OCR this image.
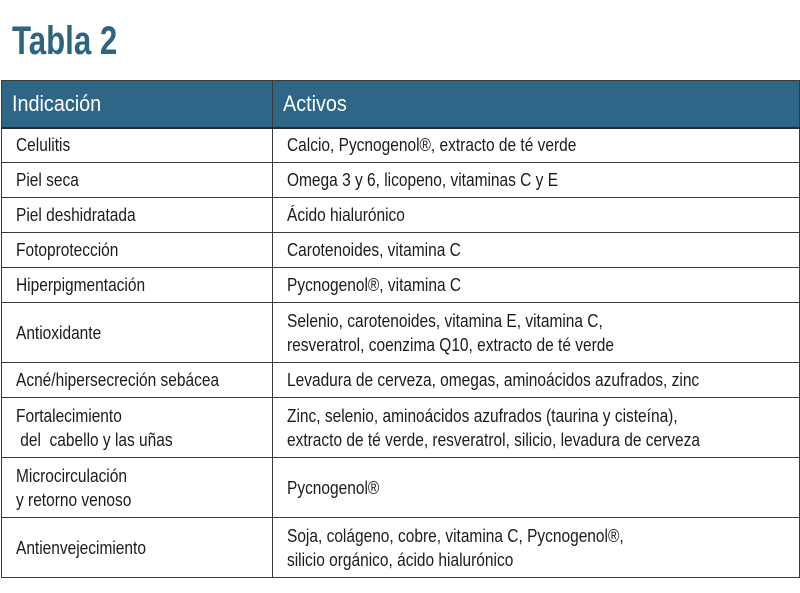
Tabla 2
Indicación	Activos
Celulitis	Calcio, Pycnogenol®, extracto de té verde
Piel seca	Omega 3 y 6, licopeno, vitaminas C y E
Piel deshidratada	Ácido hialurónico
Fotoprotección	Carotenoides, vitamina C
Hiperpigmentación	Pycnogenol®, vitamina C
Antioxidante	Selenio, carotenoides, vitamina E, vitamina C,
resveratrol, coenzima Q10, extracto de té verde
Acné/hipersecreción sebácea	Levadura de cerveza, omegas, aminoácidos azufrados, zinc
Fortalecimiento
del  cabello y las uñas	Zinc, selenio, aminoácidos azufrados (taurina y cisteína),
extracto de té verde, resveratrol, silicio, levadura de cerveza
Microcirculación
y retorno venoso	Pycnogenol®
Antienvejecimiento	Soja, colágeno, cobre, vitamina C, Pycnogenol®,
silicio orgánico, ácido hialurónico
